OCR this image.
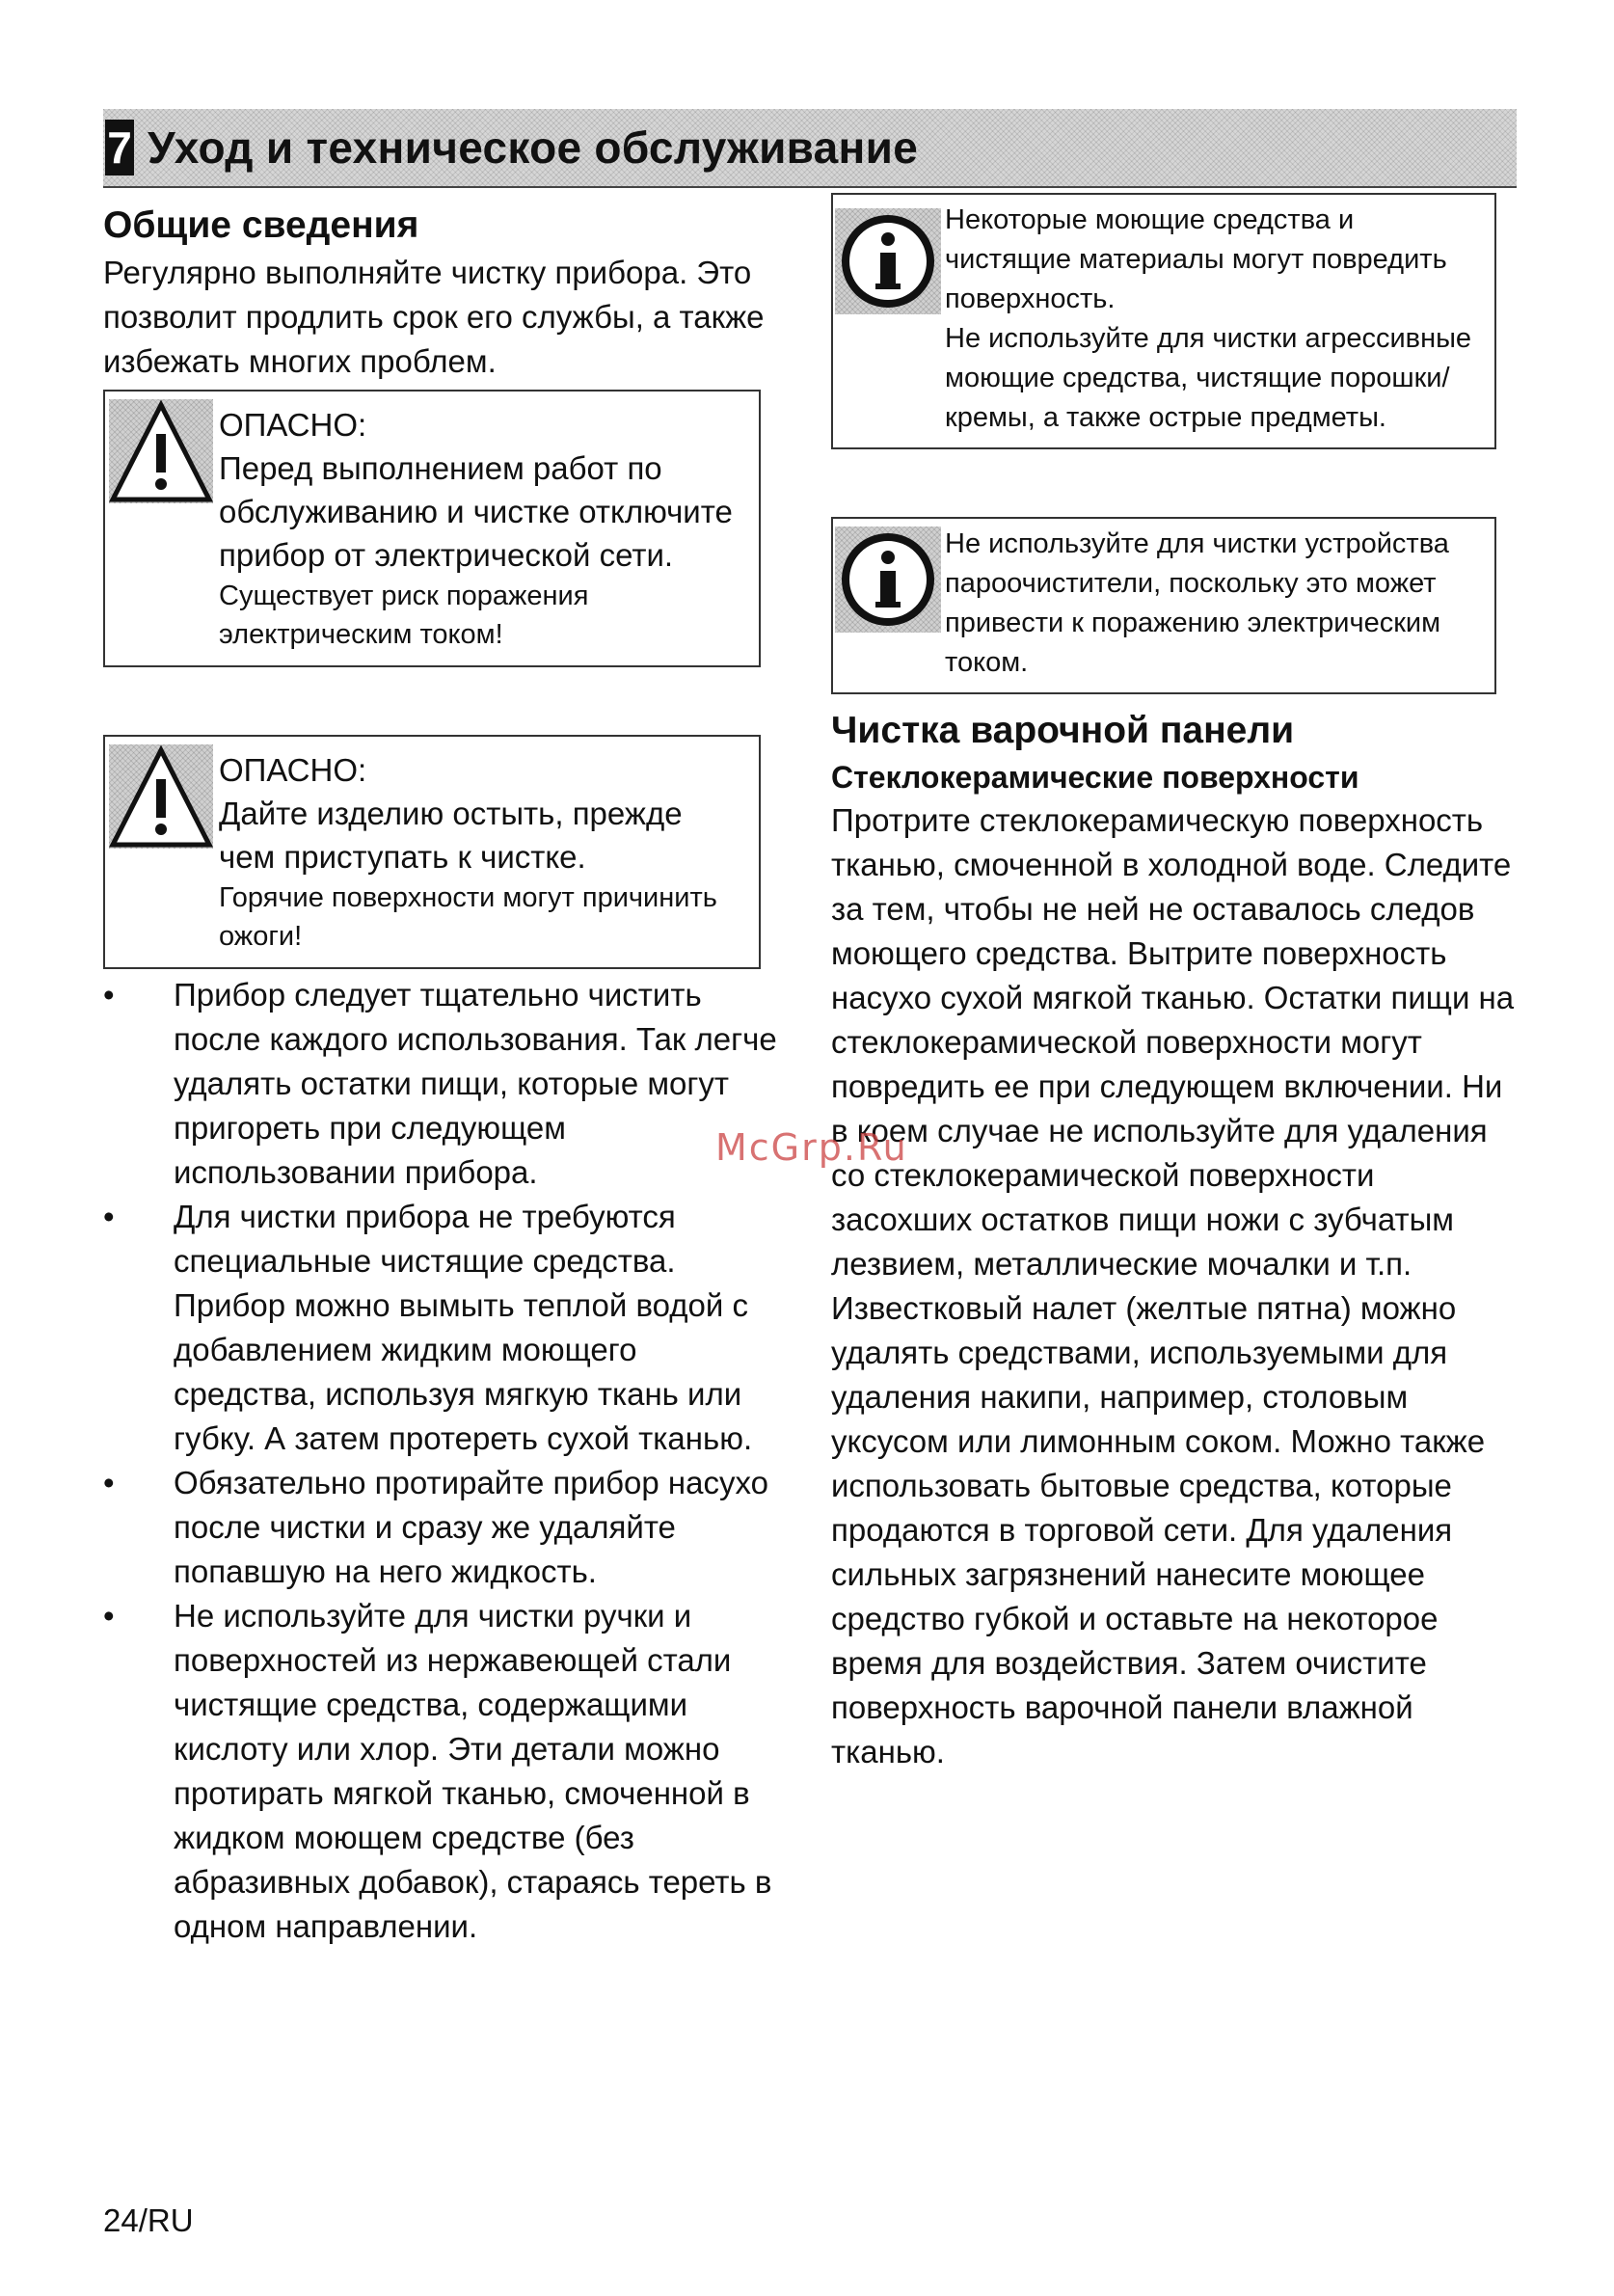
7 Уход и техническое обслуживание
Общие сведения

Регулярно выполняйте чистку прибора. Это позволит продлить срок его службы, а также избежать многих проблем.

ОПАСНО:
Перед выполнением работ по обслуживанию и чистке отключите прибор от электрической сети.
Существует риск поражения электрическим током!
ОПАСНО:
Дайте изделию остыть, прежде чем приступать к чистке.
Горячие поверхности могут причинить ожоги!
• Прибор следует тщательно чистить после каждого использования. Так легче удалять остатки пищи, которые могут пригореть при следующем использовании прибора.
• Для чистки прибора не требуются специальные чистящие средства. Прибор можно вымыть теплой водой с добавлением жидким моющего средства, используя мягкую ткань или губку. А затем протереть сухой тканью.
• Обязательно протирайте прибор насухо после чистки и сразу же удаляйте попавшую на него жидкость.
• Не используйте для чистки ручки и поверхностей из нержавеющей стали чистящие средства, содержащими кислоту или хлор. Эти детали можно протирать мягкой тканью, смоченной в жидком моющем средстве (без абразивных добавок), стараясь тереть в одном направлении.
Некоторые моющие средства и чистящие материалы могут повредить поверхность.
Не используйте для чистки агрессивные моющие средства, чистящие порошки/кремы, а также острые предметы.
Не используйте для чистки устройства пароочистители, поскольку это может привести к поражению электрическим током.
Чистка варочной панели
Стеклокерамические поверхности

Протрите стеклокерамическую поверхность тканью, смоченной в холодной воде. Следите за тем, чтобы не ней не оставалось следов моющего средства. Вытрите поверхность насухо сухой мягкой тканью. Остатки пищи на стеклокерамической поверхности могут повредить ее при следующем включении. Ни в коем случае не используйте для удаления со стеклокерамической поверхности засохших остатков пищи ножи с зубчатым лезвием, металлические мочалки и т.п. Известковый налет (желтые пятна) можно удалять средствами, используемыми для удаления накипи, например, столовым уксусом или лимонным соком. Можно также использовать бытовые средства, которые продаются в торговой сети. Для удаления сильных загрязнений нанесите моющее средство губкой и оставьте на некоторое время для воздействия. Затем очистите поверхность варочной панели влажной тканью.

McGrp.Ru
24/RU
